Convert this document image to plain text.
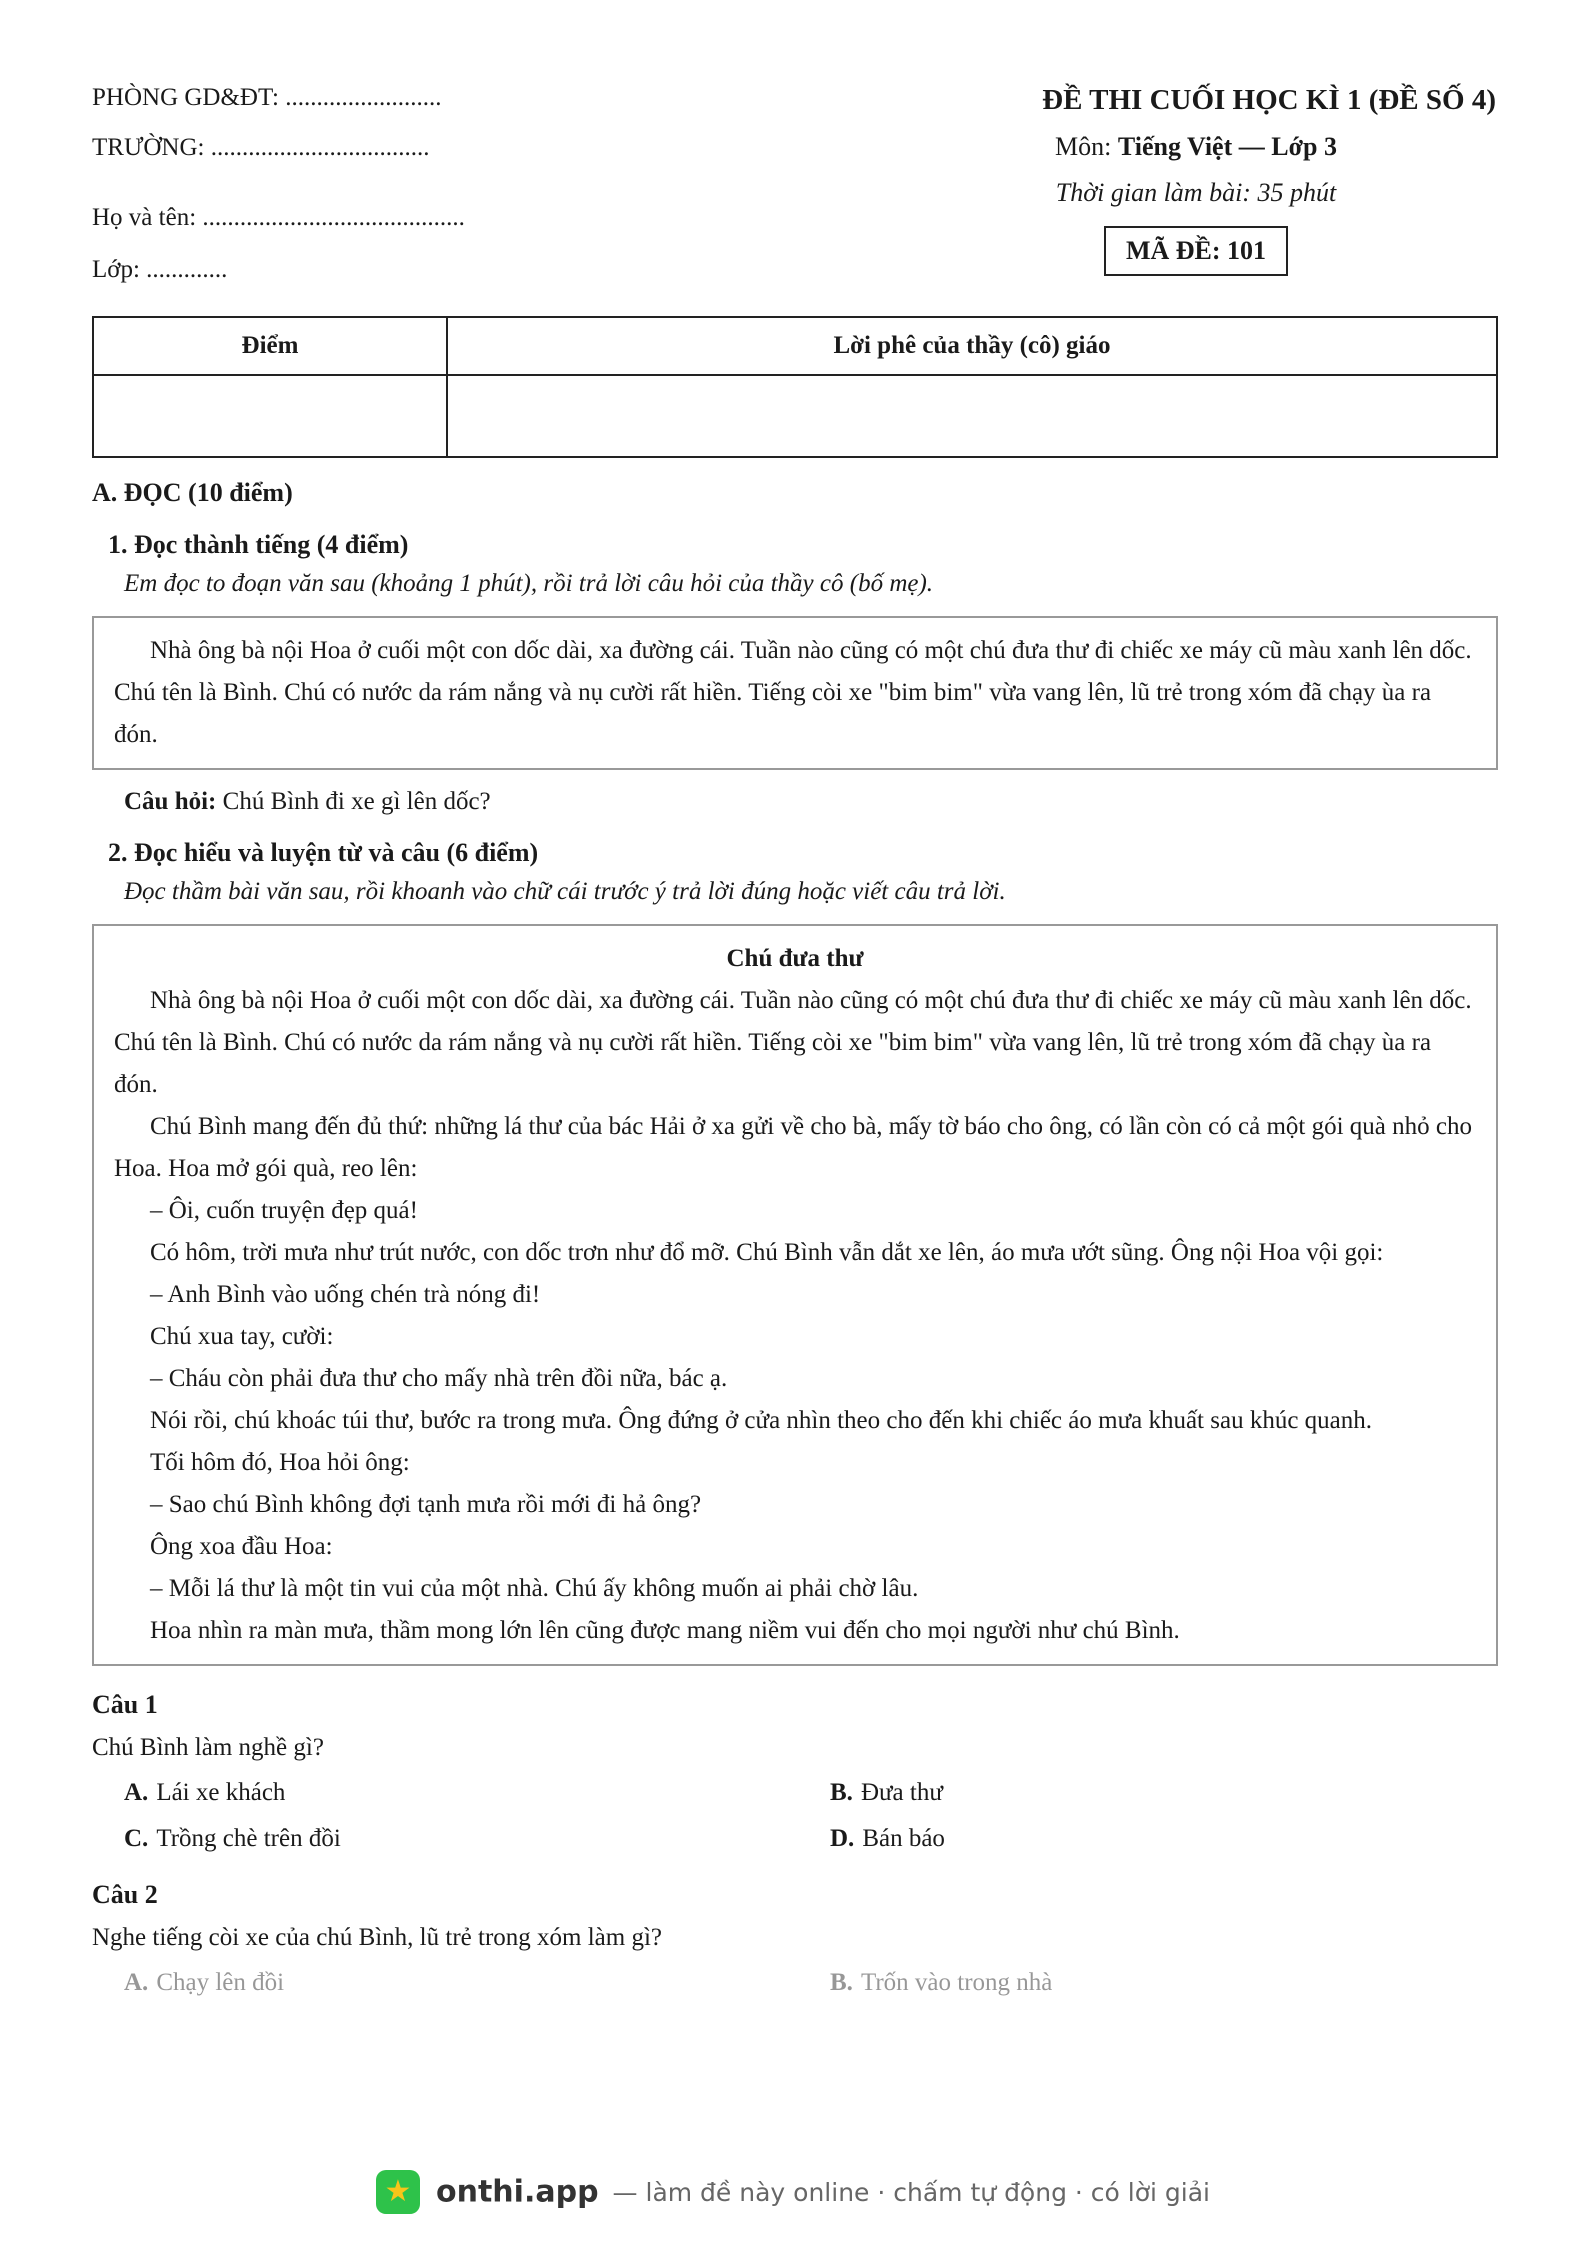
PHÒNG GD&ĐT: .........................
TRƯỜNG: ...................................
Họ và tên: ..........................................
Lớp: .............
ĐỀ THI CUỐI HỌC KÌ 1 (ĐỀ SỐ 4)
Môn: Tiếng Việt — Lớp 3
Thời gian làm bài: 35 phút
MÃ ĐỀ: 101
Điểm	Lời phê của thầy (cô) giáo

A. ĐỌC (10 điểm)
1. Đọc thành tiếng (4 điểm)
Em đọc to đoạn văn sau (khoảng 1 phút), rồi trả lời câu hỏi của thầy cô (bố mẹ).

Nhà ông bà nội Hoa ở cuối một con dốc dài, xa đường cái. Tuần nào cũng có một chú đưa thư đi chiếc xe máy cũ màu xanh lên dốc. Chú tên là Bình. Chú có nước da rám nắng và nụ cười rất hiền. Tiếng còi xe "bim bim" vừa vang lên, lũ trẻ trong xóm đã chạy ùa ra đón.

Câu hỏi: Chú Bình đi xe gì lên dốc?
2. Đọc hiểu và luyện từ và câu (6 điểm)
Đọc thầm bài văn sau, rồi khoanh vào chữ cái trước ý trả lời đúng hoặc viết câu trả lời.

Chú đưa thư

Nhà ông bà nội Hoa ở cuối một con dốc dài, xa đường cái. Tuần nào cũng có một chú đưa thư đi chiếc xe máy cũ màu xanh lên dốc. Chú tên là Bình. Chú có nước da rám nắng và nụ cười rất hiền. Tiếng còi xe "bim bim" vừa vang lên, lũ trẻ trong xóm đã chạy ùa ra đón.

Chú Bình mang đến đủ thứ: những lá thư của bác Hải ở xa gửi về cho bà, mấy tờ báo cho ông, có lần còn có cả một gói quà nhỏ cho Hoa. Hoa mở gói quà, reo lên:

– Ôi, cuốn truyện đẹp quá!

Có hôm, trời mưa như trút nước, con dốc trơn như đổ mỡ. Chú Bình vẫn dắt xe lên, áo mưa ướt sũng. Ông nội Hoa vội gọi:

– Anh Bình vào uống chén trà nóng đi!

Chú xua tay, cười:

– Cháu còn phải đưa thư cho mấy nhà trên đồi nữa, bác ạ.

Nói rồi, chú khoác túi thư, bước ra trong mưa. Ông đứng ở cửa nhìn theo cho đến khi chiếc áo mưa khuất sau khúc quanh.

Tối hôm đó, Hoa hỏi ông:

– Sao chú Bình không đợi tạnh mưa rồi mới đi hả ông?

Ông xoa đầu Hoa:

– Mỗi lá thư là một tin vui của một nhà. Chú ấy không muốn ai phải chờ lâu.

Hoa nhìn ra màn mưa, thầm mong lớn lên cũng được mang niềm vui đến cho mọi người như chú Bình.

Câu 1

Chú Bình làm nghề gì?

A. Lái xe khách	B. Đưa thư
C. Trồng chè trên đồi	D. Bán báo

Câu 2

Nghe tiếng còi xe của chú Bình, lũ trẻ trong xóm làm gì?

A. Chạy lên đồi	B. Trốn vào trong nhà
★ onthi.app — làm đề này online · chấm tự động · có lời giải
